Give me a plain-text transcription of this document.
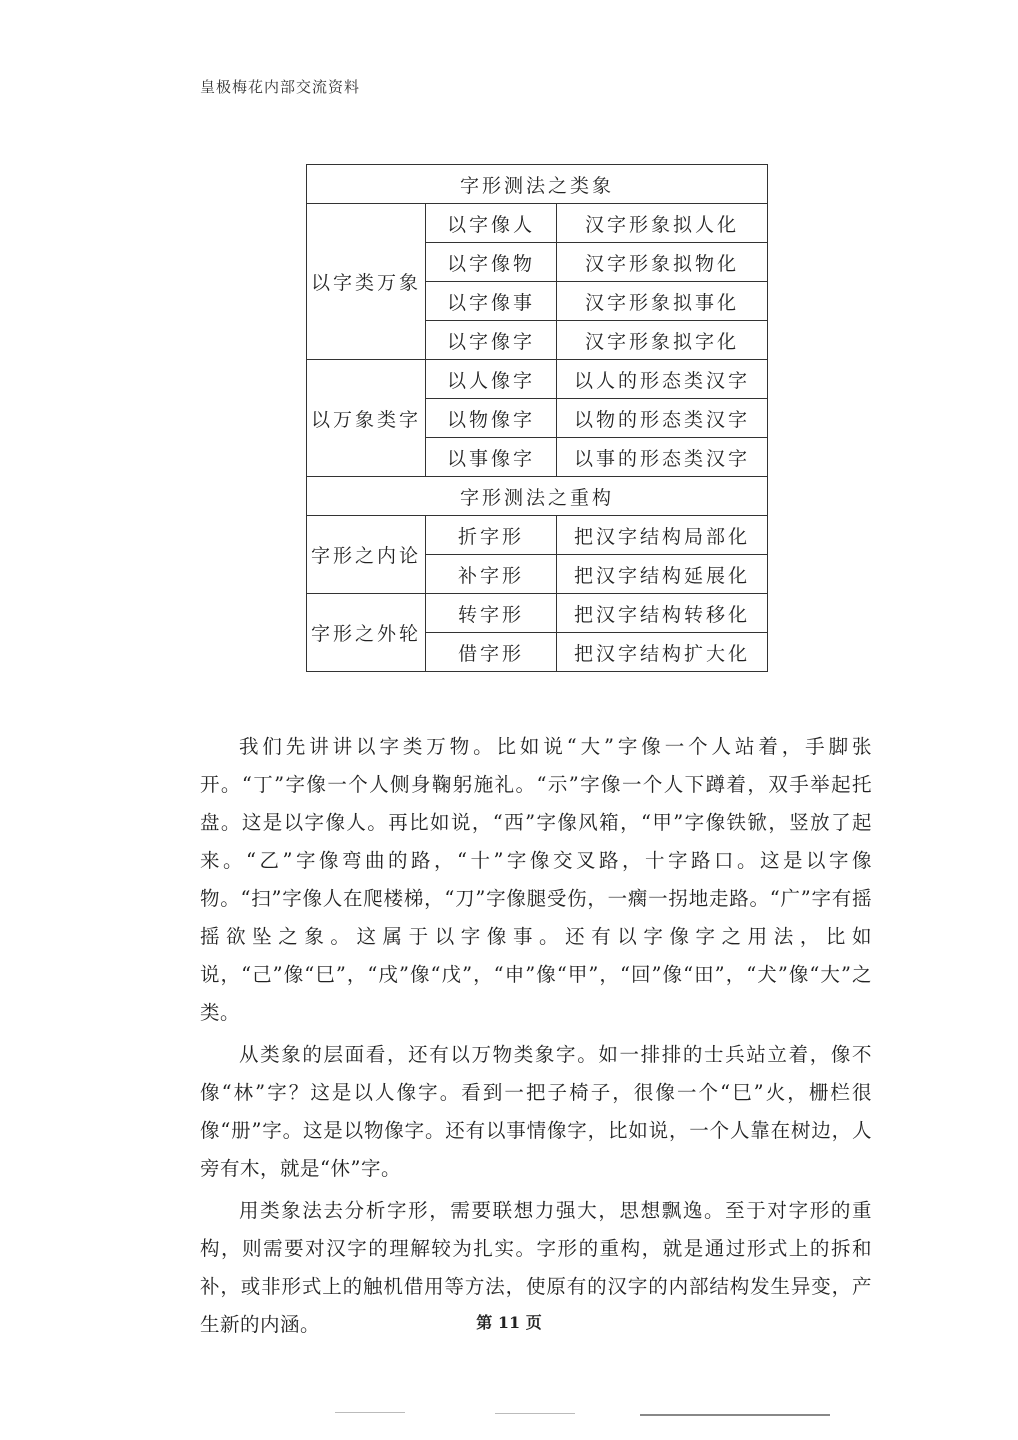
皇极梅花内部交流资料
字形测法之类象		
以字类万象	以字像人	汉字形象拟人化
	以字像物	汉字形象拟物化
	以字像事	汉字形象拟事化
	以字像字	汉字形象拟字化
以万象类字	以人像字	以人的形态类汉字
	以物像字	以物的形态类汉字
	以事像字	以事的形态类汉字
字形测法之重构		
字形之内论	折字形	把汉字结构局部化
	补字形	把汉字结构延展化
字形之外轮	转字形	把汉字结构转移化
	借字形	把汉字结构扩大化

我们先讲讲以字类万物。比如说“大”字像一个人站着，手脚张开。“丁”字像一个人侧身鞠躬施礼。“示”字像一个人下蹲着，双手举起托盘。这是以字像人。再比如说，“西”字像风箱，“甲”字像铁锨，竖放了起来。“乙”字像弯曲的路，“十”字像交叉路，十字路口。这是以字像物。“扫”字像人在爬楼梯，“刀”字像腿受伤，一瘸一拐地走路。“广”字有摇摇欲坠之象。这属于以字像事。还有以字像字之用法，比如说，“己”像“巳”，“戌”像“戊”，“申”像“甲”，“回”像“田”，“犬”像“大”之类。

从类象的层面看，还有以万物类象字。如一排排的士兵站立着，像不像“林”字？这是以人像字。看到一把子椅子，很像一个“巳”火，栅栏很像“册”字。这是以物像字。还有以事情像字，比如说，一个人靠在树边，人旁有木，就是“休”字。

用类象法去分析字形，需要联想力强大，思想飘逸。至于对字形的重构，则需要对汉字的理解较为扎实。字形的重构，就是通过形式上的拆和补，或非形式上的触机借用等方法，使原有的汉字的内部结构发生异变，产生新的内涵。	第 11 页
